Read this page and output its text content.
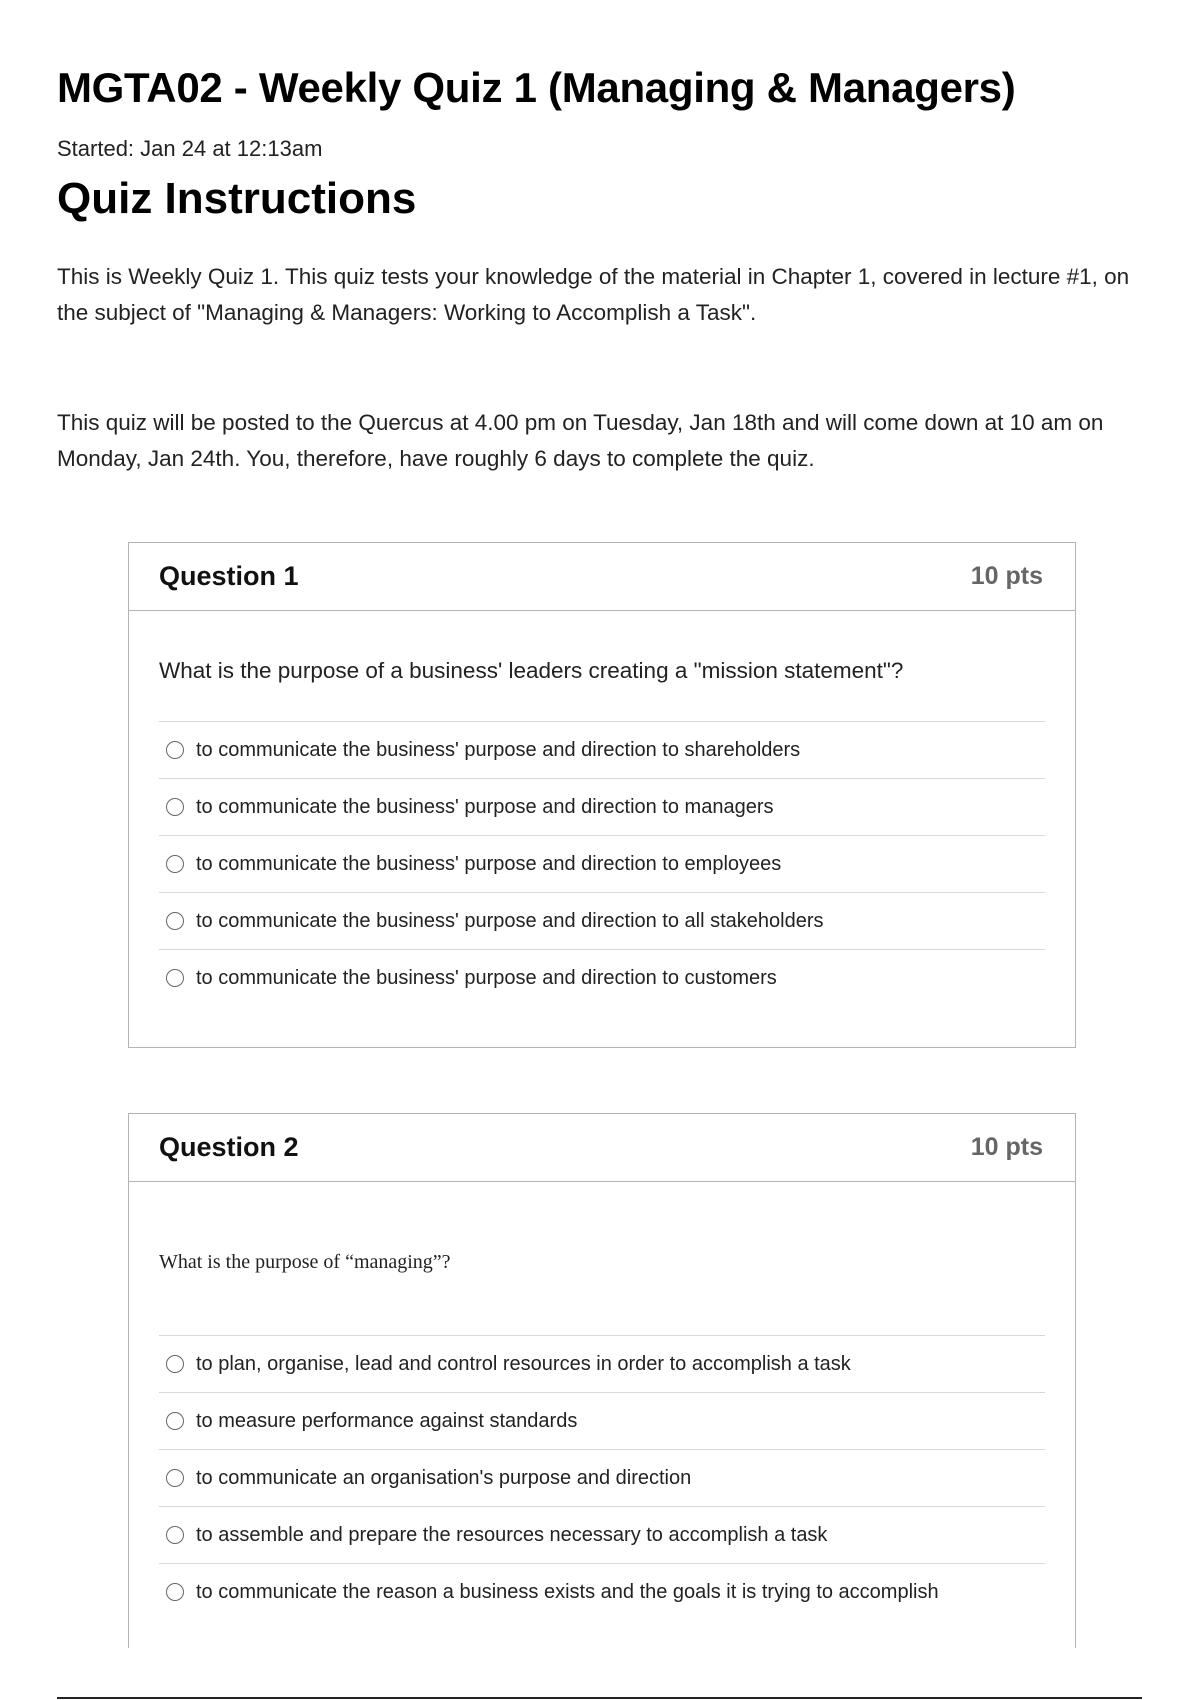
MGTA02 - Weekly Quiz 1 (Managing & Managers)
Started: Jan 24 at 12:13am
Quiz Instructions

This is Weekly Quiz 1. This quiz tests your knowledge of the material in Chapter 1, covered in lecture #1, on the subject of "Managing & Managers: Working to Accomplish a Task".

This quiz will be posted to the Quercus at 4.00 pm on Tuesday, Jan 18th and will come down at 10 am on Monday, Jan 24th. You, therefore, have roughly 6 days to complete the quiz.

Question 1	10 pts

What is the purpose of a business' leaders creating a "mission statement"?

to communicate the business' purpose and direction to shareholders
to communicate the business' purpose and direction to managers
to communicate the business' purpose and direction to employees
to communicate the business' purpose and direction to all stakeholders
to communicate the business' purpose and direction to customers
Question 2	10 pts

What is the purpose of “managing”?

to plan, organise, lead and control resources in order to accomplish a task
to measure performance against standards
to communicate an organisation's purpose and direction
to assemble and prepare the resources necessary to accomplish a task
to communicate the reason a business exists and the goals it is trying to accomplish
